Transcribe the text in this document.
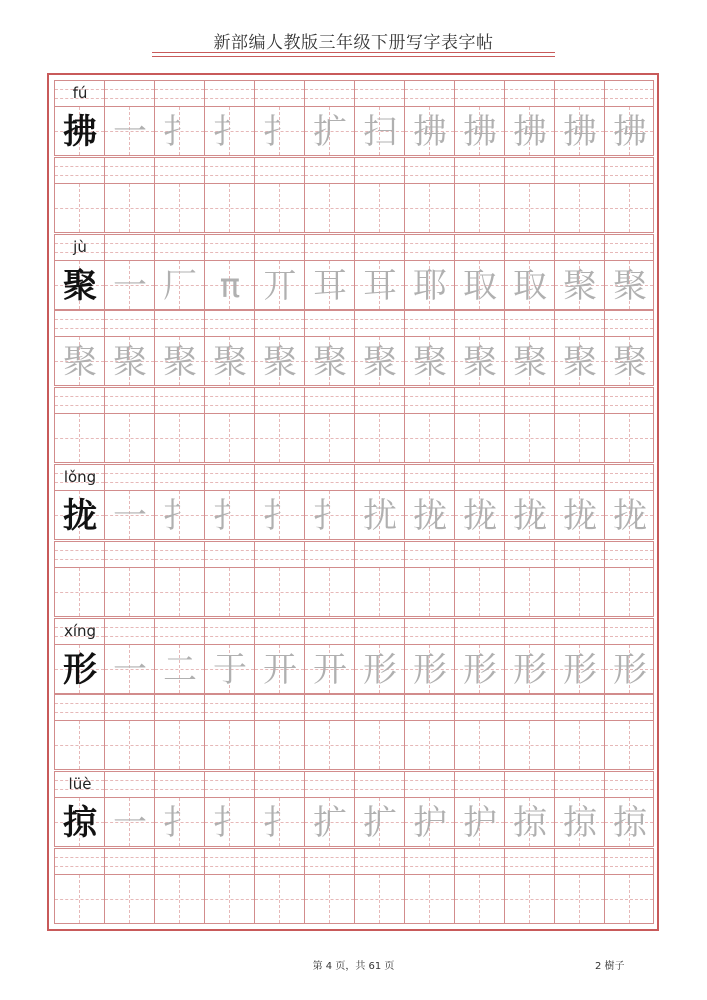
新部编人教版三年级下册写字表字帖
fú
拂 一 扌 扌 扌 扩 扫 拂 拂 拂 拂 拂
jù
聚 一 厂 π 丌 耳 耳 耶 取 取 聚 聚
聚 聚 聚 聚 聚 聚 聚 聚 聚 聚 聚 聚
lǒng
拢 一 扌 扌 扌 扌 扰 拢 拢 拢 拢 拢
xíng
形 一 二 于 开 开 形 形 形 形 形 形
lüè
掠 一 扌 扌 扌 扩 扩 护 护 掠 掠 掠
第 4 页，共 61 页	2 樹子
